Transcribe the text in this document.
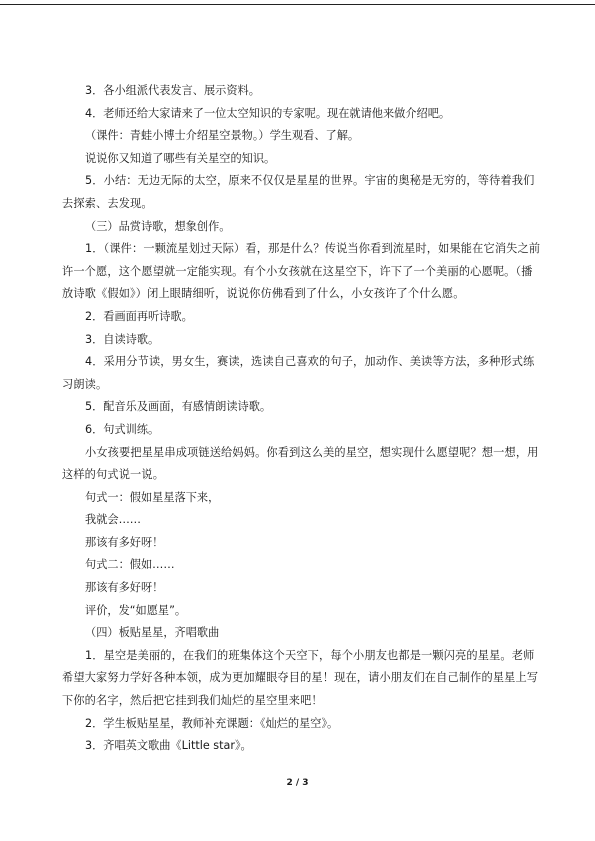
3．各小组派代表发言、展示资料。

4．老师还给大家请来了一位太空知识的专家呢。现在就请他来做介绍吧。

（课件：青蛙小博士介绍星空景物。）学生观看、了解。

说说你又知道了哪些有关星空的知识。

5．小结：无边无际的太空，原来不仅仅是星星的世界。宇宙的奥秘是无穷的，等待着我们去探索、去发现。

（三）品赏诗歌，想象创作。

1．（课件：一颗流星划过天际）看，那是什么？传说当你看到流星时，如果能在它消失之前许一个愿，这个愿望就一定能实现。有个小女孩就在这星空下，许下了一个美丽的心愿呢。（播放诗歌《假如》）闭上眼睛细听，说说你仿佛看到了什么，小女孩许了个什么愿。

2．看画面再听诗歌。

3．自读诗歌。

4．采用分节读，男女生，赛读，选读自己喜欢的句子，加动作、美读等方法，多种形式练习朗读。

5．配音乐及画面，有感情朗读诗歌。

6．句式训练。

小女孩要把星星串成项链送给妈妈。你看到这么美的星空，想实现什么愿望呢？想一想，用这样的句式说一说。

句式一：假如星星落下来，

我就会……

那该有多好呀！

句式二：假如……

那该有多好呀！

评价，发“如愿星”。

（四）板贴星星，齐唱歌曲

1．星空是美丽的，在我们的班集体这个天空下，每个小朋友也都是一颗闪亮的星星。老师希望大家努力学好各种本领，成为更加耀眼夺目的星！现在，请小朋友们在自己制作的星星上写下你的名字，然后把它挂到我们灿烂的星空里来吧！

2．学生板贴星星，教师补充课题：《灿烂的星空》。

3．齐唱英文歌曲《Little star》。

2 / 3
